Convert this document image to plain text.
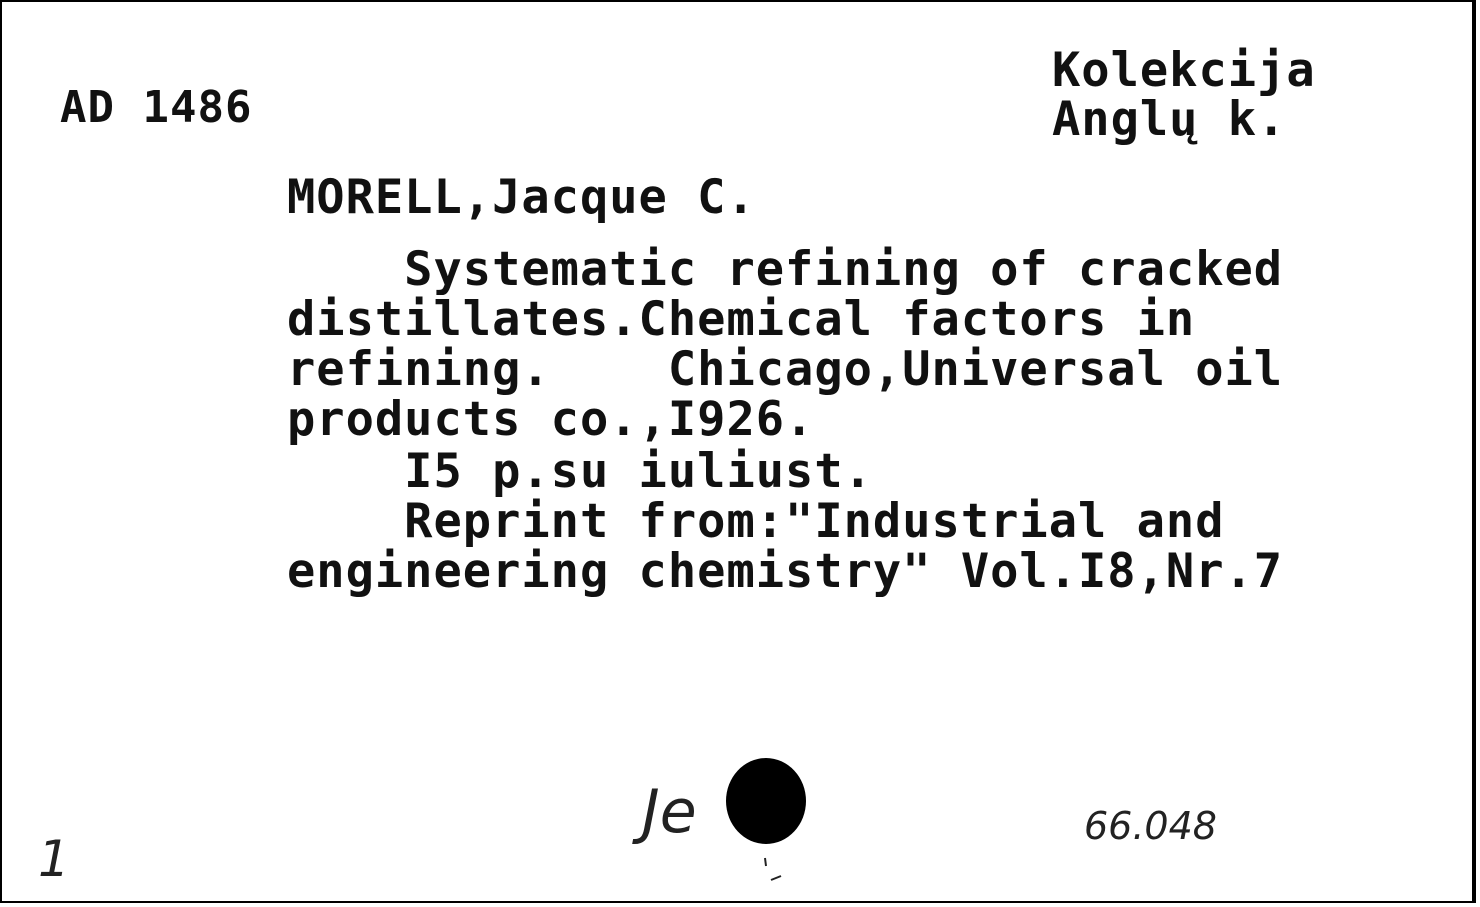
AD 1486

Kolekcija

Anglų k.

MORELL,Jacque C.

Systematic refining of cracked

distillates.Chemical factors in

refining.    Chicago,Universal oil

products co.,I926.

I5 p.su iuliust.

Reprint from:"Industrial and

engineering chemistry" Vol.I8,Nr.7

1

Je	66.048
